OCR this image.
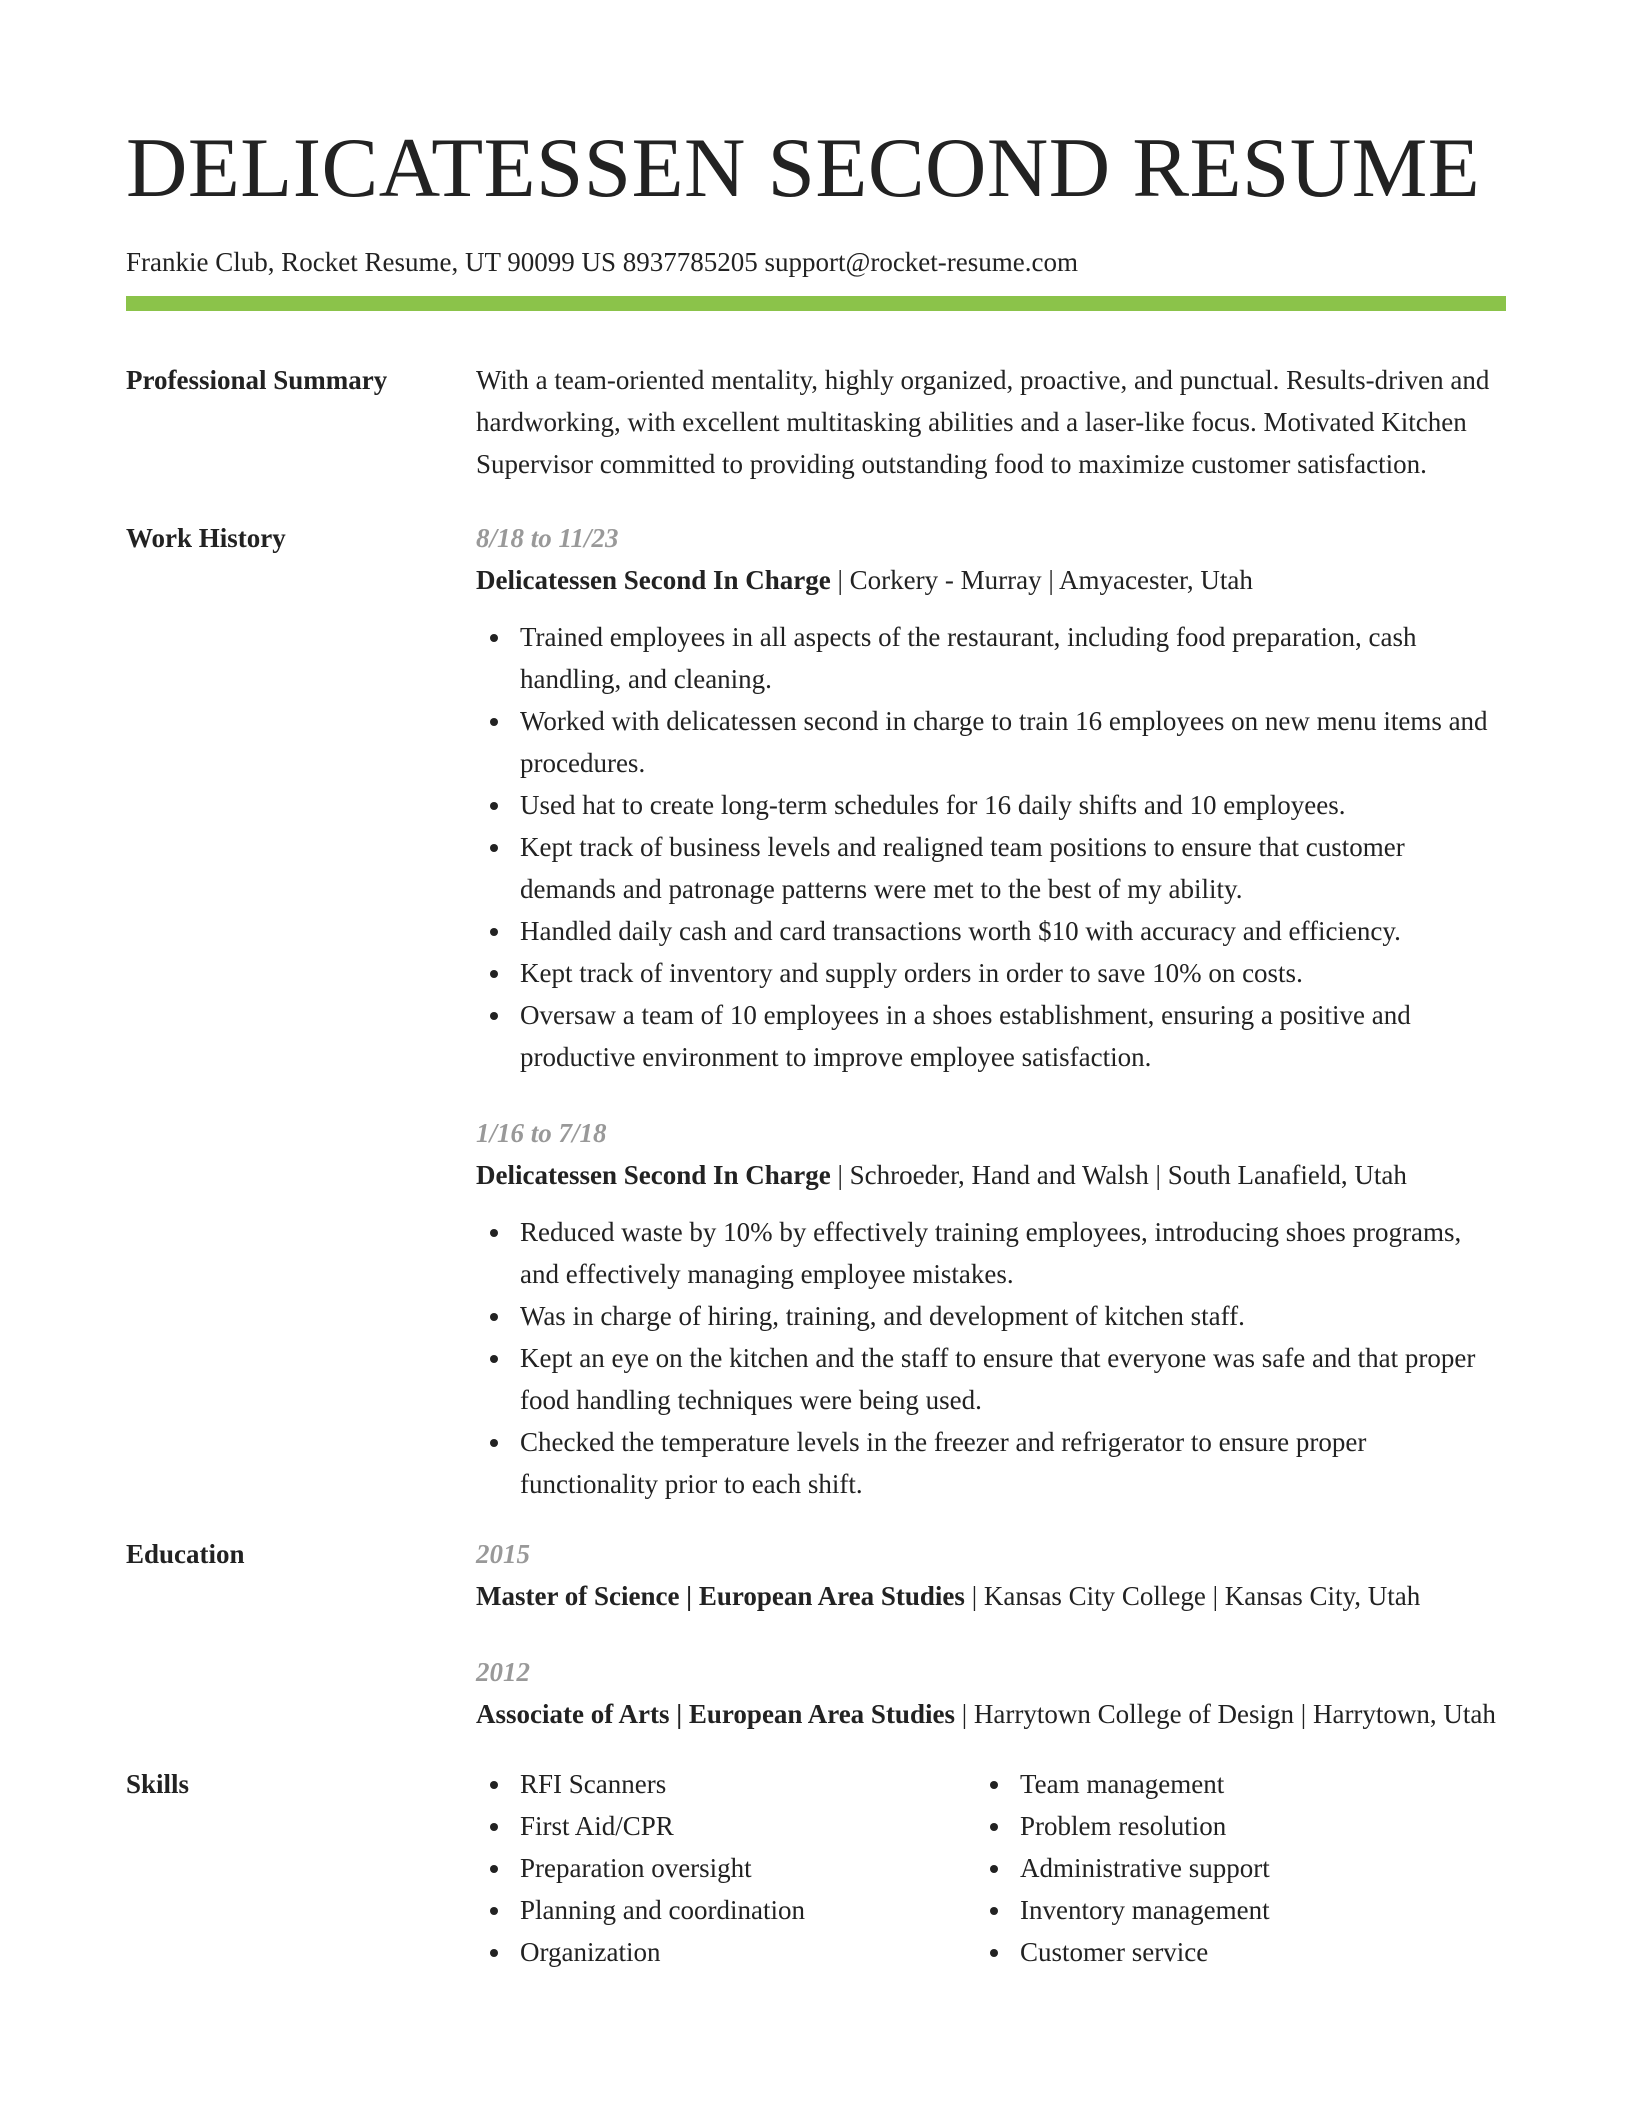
DELICATESSEN SECOND RESUME
Frankie Club, Rocket Resume, UT 90099 US 8937785205 support@rocket-resume.com
Professional Summary	With a team-oriented mentality, highly organized, proactive, and punctual. Results-driven and hardworking, with excellent multitasking abilities and a laser-like focus. Motivated Kitchen Supervisor committed to providing outstanding food to maximize customer satisfaction.
Work History	8/18 to 11/23
Delicatessen Second In Charge | Corkery - Murray | Amyacester, Utah
Trained employees in all aspects of the restaurant, including food preparation, cash handling, and cleaning.
Worked with delicatessen second in charge to train 16 employees on new menu items and procedures.
Used hat to create long-term schedules for 16 daily shifts and 10 employees.
Kept track of business levels and realigned team positions to ensure that customer demands and patronage patterns were met to the best of my ability.
Handled daily cash and card transactions worth $10 with accuracy and efficiency.
Kept track of inventory and supply orders in order to save 10% on costs.
Oversaw a team of 10 employees in a shoes establishment, ensuring a positive and productive environment to improve employee satisfaction.
1/16 to 7/18
Delicatessen Second In Charge | Schroeder, Hand and Walsh | South Lanafield, Utah
Reduced waste by 10% by effectively training employees, introducing shoes programs, and effectively managing employee mistakes.
Was in charge of hiring, training, and development of kitchen staff.
Kept an eye on the kitchen and the staff to ensure that everyone was safe and that proper food handling techniques were being used.
Checked the temperature levels in the freezer and refrigerator to ensure proper functionality prior to each shift.
Education	2015
Master of Science | European Area Studies | Kansas City College | Kansas City, Utah
2012
Associate of Arts | European Area Studies | Harrytown College of Design | Harrytown, Utah
Skills	RFI Scanners
First Aid/CPR
Preparation oversight
Planning and coordination
Organization
Team management
Problem resolution
Administrative support
Inventory management
Customer service
